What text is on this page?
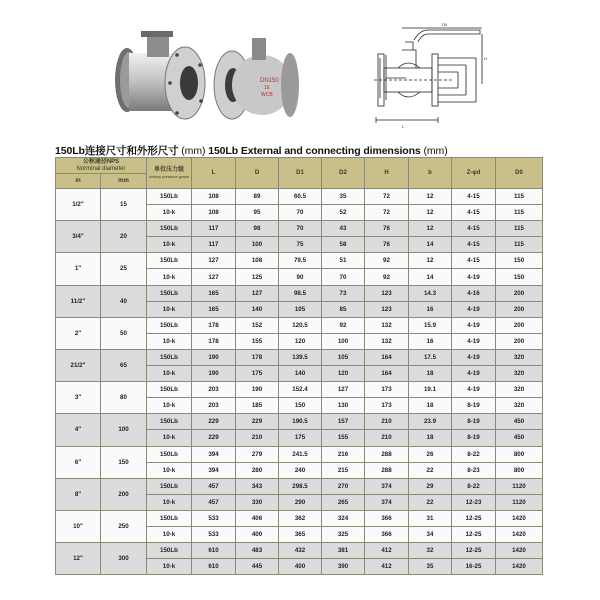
DN150
16
WCB
D0
H
L
150Lb连接尺寸和外形尺寸 (mm) 150Lb External and connecting dimensions (mm)
公称通径NPS
Norminal diameter		单位压力级
unitary pressure grade	L	D	D1	D2	H	b	Z-φd	D0
in	mm									
1/2"	15	150Lb	108	89	60.5	35	72	12	4-15	115
		10-k	108	95	70	52	72	12	4-15	115
3/4"	20	150Lb	117	98	70	43	76	12	4-15	115
		10-k	117	100	75	58	76	14	4-15	115
1"	25	150Lb	127	108	79.5	51	92	12	4-15	150
		10-k	127	125	90	70	92	14	4-19	150
11/2"	40	150Lb	165	127	98.5	73	123	14.3	4-16	200
		10-k	165	140	105	85	123	16	4-19	200
2"	50	150Lb	178	152	120.5	92	132	15.9	4-19	200
		10-k	178	155	120	100	132	16	4-19	200
21/2"	65	150Lb	190	178	139.5	105	164	17.5	4-19	320
		10-k	190	175	140	120	164	18	4-19	320
3"	80	150Lb	203	190	152.4	127	173	19.1	4-19	320
		10-k	203	185	150	130	173	18	8-19	320
4"	100	150Lb	229	229	190.5	157	210	23.9	8-19	450
		10-k	229	210	175	155	210	18	8-19	450
6"	150	150Lb	394	279	241.5	216	288	26	8-22	800
		10-k	394	280	240	215	288	22	8-23	800
8"	200	150Lb	457	343	298.5	270	374	29	8-22	1120
		10-k	457	330	290	265	374	22	12-23	1120
10"	250	150Lb	533	406	362	324	366	31	12-25	1420
		10-k	533	400	365	325	366	34	12-25	1420
12"	300	150Lb	610	483	432	381	412	32	12-25	1420
		10-k	610	445	400	390	412	35	16-25	1420
